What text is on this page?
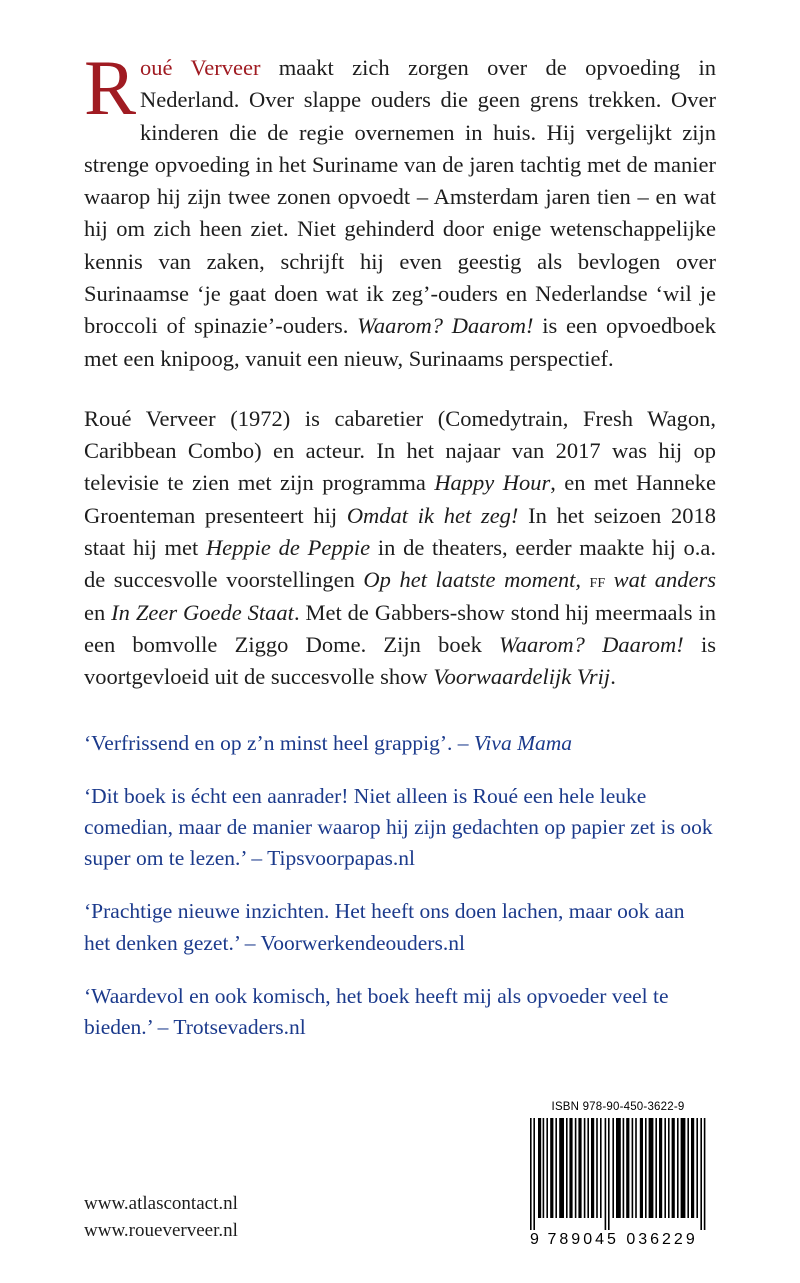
Roué Verveer maakt zich zorgen over de opvoeding in Nederland. Over slappe ouders die geen grens trekken. Over kinderen die de regie overnemen in huis. Hij vergelijkt zijn strenge opvoeding in het Suriname van de jaren tachtig met de manier waarop hij zijn twee zonen opvoedt – Amsterdam jaren tien – en wat hij om zich heen ziet. Niet gehinderd door enige wetenschappelijke kennis van zaken, schrijft hij even geestig als bevlogen over Surinaamse ‘je gaat doen wat ik zeg’-ouders en Nederlandse ‘wil je broccoli of spinazie’-ouders. Waarom? Daarom! is een opvoedboek met een knipoog, vanuit een nieuw, Surinaams perspectief.

Roué Verveer (1972) is cabaretier (Comedytrain, Fresh Wagon, Caribbean Combo) en acteur. In het najaar van 2017 was hij op televisie te zien met zijn programma Happy Hour, en met Hanneke Groenteman presenteert hij Omdat ik het zeg! In het seizoen 2018 staat hij met Heppie de Peppie in de theaters, eerder maakte hij o.a. de succesvolle voorstellingen Op het laatste moment, ff wat anders en In Zeer Goede Staat. Met de Gabbers-show stond hij meermaals in een bomvolle Ziggo Dome. Zijn boek Waarom? Daarom! is voortgevloeid uit de succesvolle show Voorwaardelijk Vrij.

‘Verfrissend en op z’n minst heel grappig’. – Viva Mama

‘Dit boek is écht een aanrader! Niet alleen is Roué een hele leuke comedian, maar de manier waarop hij zijn gedachten op papier zet is ook super om te lezen.’ – Tipsvoorpapas.nl

‘Prachtige nieuwe inzichten. Het heeft ons doen lachen, maar ook aan het denken gezet.’ – Voorwerkendeouders.nl

‘Waardevol en ook komisch, het boek heeft mij als opvoeder veel te bieden.’ – Trotsevaders.nl

www.atlascontact.nl
www.roueverveer.nl
ISBN 978-90-450-3622-9
9 789045 036229
